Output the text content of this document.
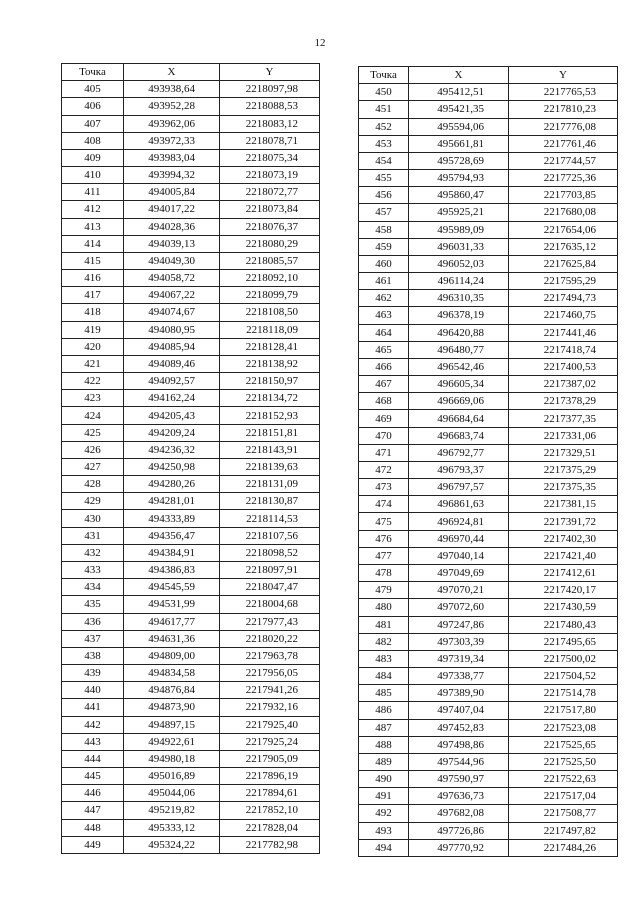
12
Точка	X	Y
405	493938,64	2218097,98
406	493952,28	2218088,53
407	493962,06	2218083,12
408	493972,33	2218078,71
409	493983,04	2218075,34
410	493994,32	2218073,19
411	494005,84	2218072,77
412	494017,22	2218073,84
413	494028,36	2218076,37
414	494039,13	2218080,29
415	494049,30	2218085,57
416	494058,72	2218092,10
417	494067,22	2218099,79
418	494074,67	2218108,50
419	494080,95	2218118,09
420	494085,94	2218128,41
421	494089,46	2218138,92
422	494092,57	2218150,97
423	494162,24	2218134,72
424	494205,43	2218152,93
425	494209,24	2218151,81
426	494236,32	2218143,91
427	494250,98	2218139,63
428	494280,26	2218131,09
429	494281,01	2218130,87
430	494333,89	2218114,53
431	494356,47	2218107,56
432	494384,91	2218098,52
433	494386,83	2218097,91
434	494545,59	2218047,47
435	494531,99	2218004,68
436	494617,77	2217977,43
437	494631,36	2218020,22
438	494809,00	2217963,78
439	494834,58	2217956,05
440	494876,84	2217941,26
441	494873,90	2217932,16
442	494897,15	2217925,40
443	494922,61	2217925,24
444	494980,18	2217905,09
445	495016,89	2217896,19
446	495044,06	2217894,61
447	495219,82	2217852,10
448	495333,12	2217828,04
449	495324,22	2217782,98
Точка	X	Y
450	495412,51	2217765,53
451	495421,35	2217810,23
452	495594,06	2217776,08
453	495661,81	2217761,46
454	495728,69	2217744,57
455	495794,93	2217725,36
456	495860,47	2217703,85
457	495925,21	2217680,08
458	495989,09	2217654,06
459	496031,33	2217635,12
460	496052,03	2217625,84
461	496114,24	2217595,29
462	496310,35	2217494,73
463	496378,19	2217460,75
464	496420,88	2217441,46
465	496480,77	2217418,74
466	496542,46	2217400,53
467	496605,34	2217387,02
468	496669,06	2217378,29
469	496684,64	2217377,35
470	496683,74	2217331,06
471	496792,77	2217329,51
472	496793,37	2217375,29
473	496797,57	2217375,35
474	496861,63	2217381,15
475	496924,81	2217391,72
476	496970,44	2217402,30
477	497040,14	2217421,40
478	497049,69	2217412,61
479	497070,21	2217420,17
480	497072,60	2217430,59
481	497247,86	2217480,43
482	497303,39	2217495,65
483	497319,34	2217500,02
484	497338,77	2217504,52
485	497389,90	2217514,78
486	497407,04	2217517,80
487	497452,83	2217523,08
488	497498,86	2217525,65
489	497544,96	2217525,50
490	497590,97	2217522,63
491	497636,73	2217517,04
492	497682,08	2217508,77
493	497726,86	2217497,82
494	497770,92	2217484,26
